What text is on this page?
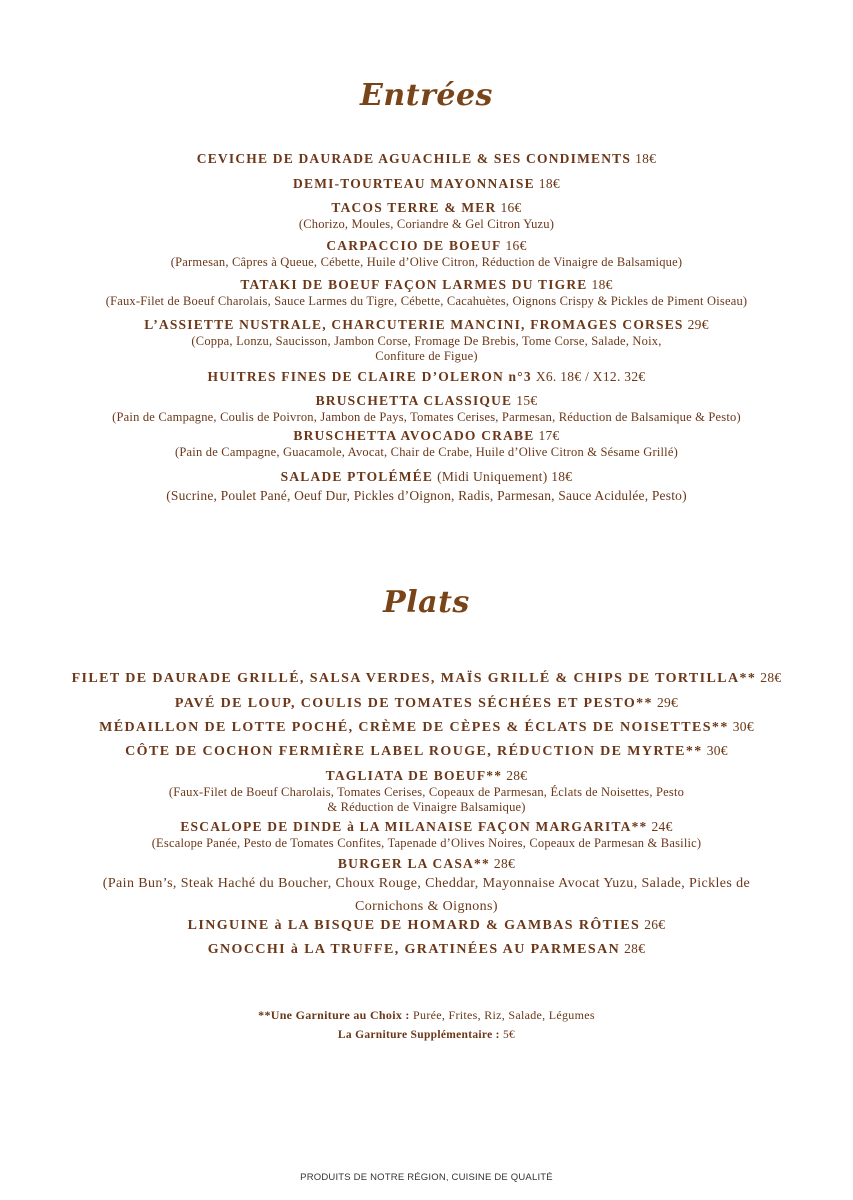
Entrées
CEVICHE DE DAURADE AGUACHILE & SES CONDIMENTS 18€
DEMI-TOURTEAU MAYONNAISE 18€
TACOS TERRE & MER 16€
(Chorizo, Moules, Coriandre & Gel Citron Yuzu)
CARPACCIO DE BOEUF 16€
(Parmesan, Câpres à Queue, Cébette, Huile d’Olive Citron, Réduction de Vinaigre de Balsamique)
TATAKI DE BOEUF FAÇON LARMES DU TIGRE 18€
(Faux-Filet de Boeuf Charolais, Sauce Larmes du Tigre, Cébette, Cacahuètes, Oignons Crispy & Pickles de Piment Oiseau)
L’ASSIETTE NUSTRALE, CHARCUTERIE MANCINI, FROMAGES CORSES 29€
(Coppa, Lonzu, Saucisson, Jambon Corse, Fromage De Brebis, Tome Corse, Salade, Noix,
Confiture de Figue)
HUITRES FINES DE CLAIRE D’OLERON n°3 X6. 18€ / X12. 32€
BRUSCHETTA CLASSIQUE 15€
(Pain de Campagne, Coulis de Poivron, Jambon de Pays, Tomates Cerises, Parmesan, Réduction de Balsamique & Pesto)
BRUSCHETTA AVOCADO CRABE 17€
(Pain de Campagne, Guacamole, Avocat, Chair de Crabe, Huile d’Olive Citron & Sésame Grillé)
SALADE PTOLÉMÉE (Midi Uniquement) 18€
(Sucrine, Poulet Pané, Oeuf Dur, Pickles d’Oignon, Radis, Parmesan, Sauce Acidulée, Pesto)
Plats
FILET DE DAURADE GRILLÉ, SALSA VERDES, MAÏS GRILLÉ & CHIPS DE TORTILLA** 28€
PAVÉ DE LOUP, COULIS DE TOMATES SÉCHÉES ET PESTO** 29€
MÉDAILLON DE LOTTE POCHÉ, CRÈME DE CÈPES & ÉCLATS DE NOISETTES** 30€
CÔTE DE COCHON FERMIÈRE LABEL ROUGE, RÉDUCTION DE MYRTE** 30€
TAGLIATA DE BOEUF** 28€
(Faux-Filet de Boeuf Charolais, Tomates Cerises, Copeaux de Parmesan, Éclats de Noisettes, Pesto
& Réduction de Vinaigre Balsamique)
ESCALOPE DE DINDE à LA MILANAISE FAÇON MARGARITA** 24€
(Escalope Panée, Pesto de Tomates Confites, Tapenade d’Olives Noires, Copeaux de Parmesan & Basilic)
BURGER LA CASA** 28€
(Pain Bun’s, Steak Haché du Boucher, Choux Rouge, Cheddar, Mayonnaise Avocat Yuzu, Salade, Pickles de
Cornichons & Oignons)
LINGUINE à LA BISQUE DE HOMARD & GAMBAS RÔTIES 26€
GNOCCHI à LA TRUFFE, GRATINÉES AU PARMESAN 28€
**Une Garniture au Choix : Purée, Frites, Riz, Salade, Légumes
La Garniture Supplémentaire : 5€
PRODUITS DE NOTRE RÉGION, CUISINE DE QUALITÉ
